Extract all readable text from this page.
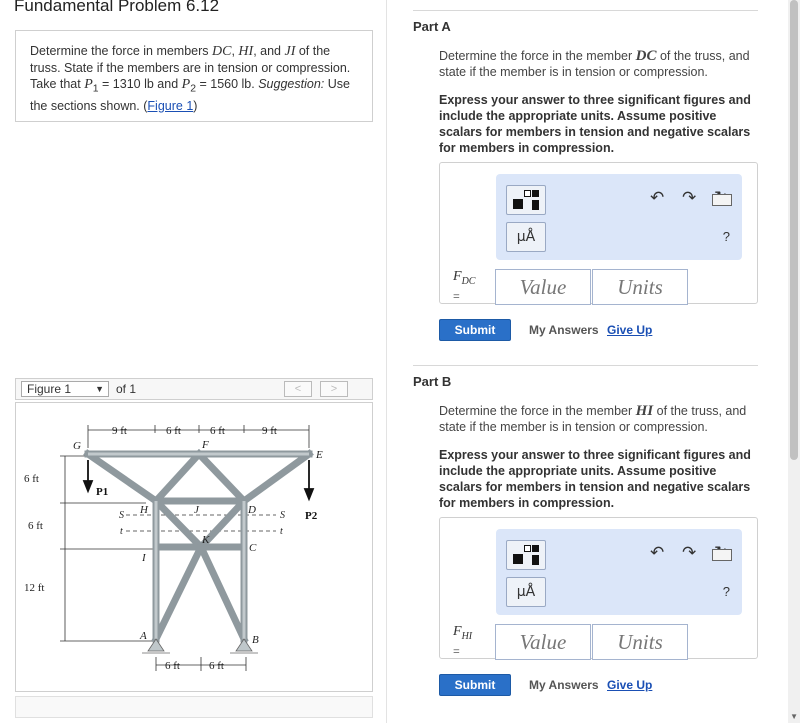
Fundamental Problem 6.12
Determine the force in members DC, HI, and JI of the truss. State if the members are in tension or compression. Take that $P_1 = 1310$ lb and $P_2 = 1560$ lb. Suggestion: Use the sections shown. (Figure 1)
Figure 1	▼ of 1	<	>
9 ft	6 ft	6 ft	9 ft
6 ft
6 ft
12 ft
6 ft	6 ft
G	F
E
H	J	D
K
C
I
A	B
P1
P2
S	S
t	t
Part A
Determine the force in the member DC of the truss, and state if the member is in tension or compression.
Express your answer to three significant figures and include the appropriate units. Assume positive scalars for members in tension and negative scalars for members in compression.
μÅ
↶ ↷
?
$F_{DC}$
=	Value	Units
Submit	My Answers Give Up
Part B
Determine the force in the member HI of the truss, and state if the member is in tension or compression.
Express your answer to three significant figures and include the appropriate units. Assume positive scalars for members in tension and negative scalars for members in compression.
μÅ
↶ ↷
?
$F_{HI}$
=	Value	Units
Submit	My Answers Give Up
▼
